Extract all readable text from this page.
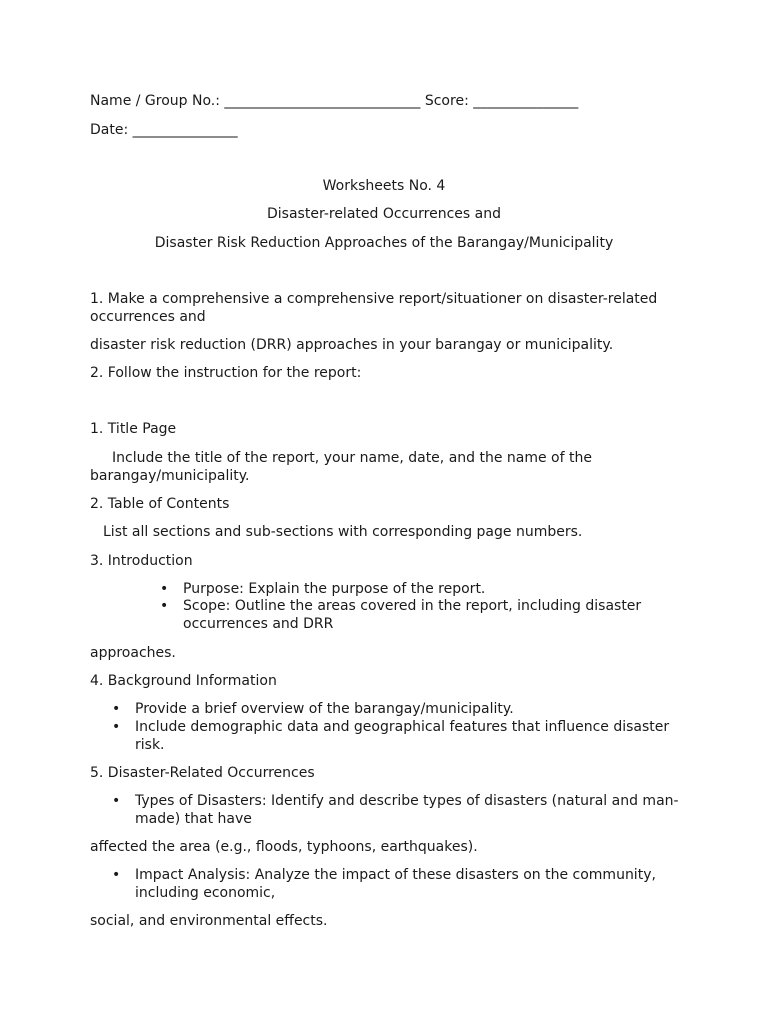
Name / Group No.: ____________________________ Score: _______________
Date: _______________
Worksheets No. 4
Disaster-related Occurrences and
Disaster Risk Reduction Approaches of the Barangay/Municipality
1. Make a comprehensive a comprehensive report/situationer on disaster-related occurrences and
disaster risk reduction (DRR) approaches in your barangay or municipality.
2. Follow the instruction for the report:
1. Title Page
Include the title of the report, your name, date, and the name of the barangay/municipality.
2. Table of Contents
List all sections and sub-sections with corresponding page numbers.
3. Introduction
• Purpose: Explain the purpose of the report.
• Scope: Outline the areas covered in the report, including disaster occurrences and DRR
approaches.
4. Background Information
• Provide a brief overview of the barangay/municipality.
• Include demographic data and geographical features that influence disaster risk.
5. Disaster-Related Occurrences
• Types of Disasters: Identify and describe types of disasters (natural and man-made) that have
affected the area (e.g., floods, typhoons, earthquakes).
• Impact Analysis: Analyze the impact of these disasters on the community, including economic,
social, and environmental effects.
